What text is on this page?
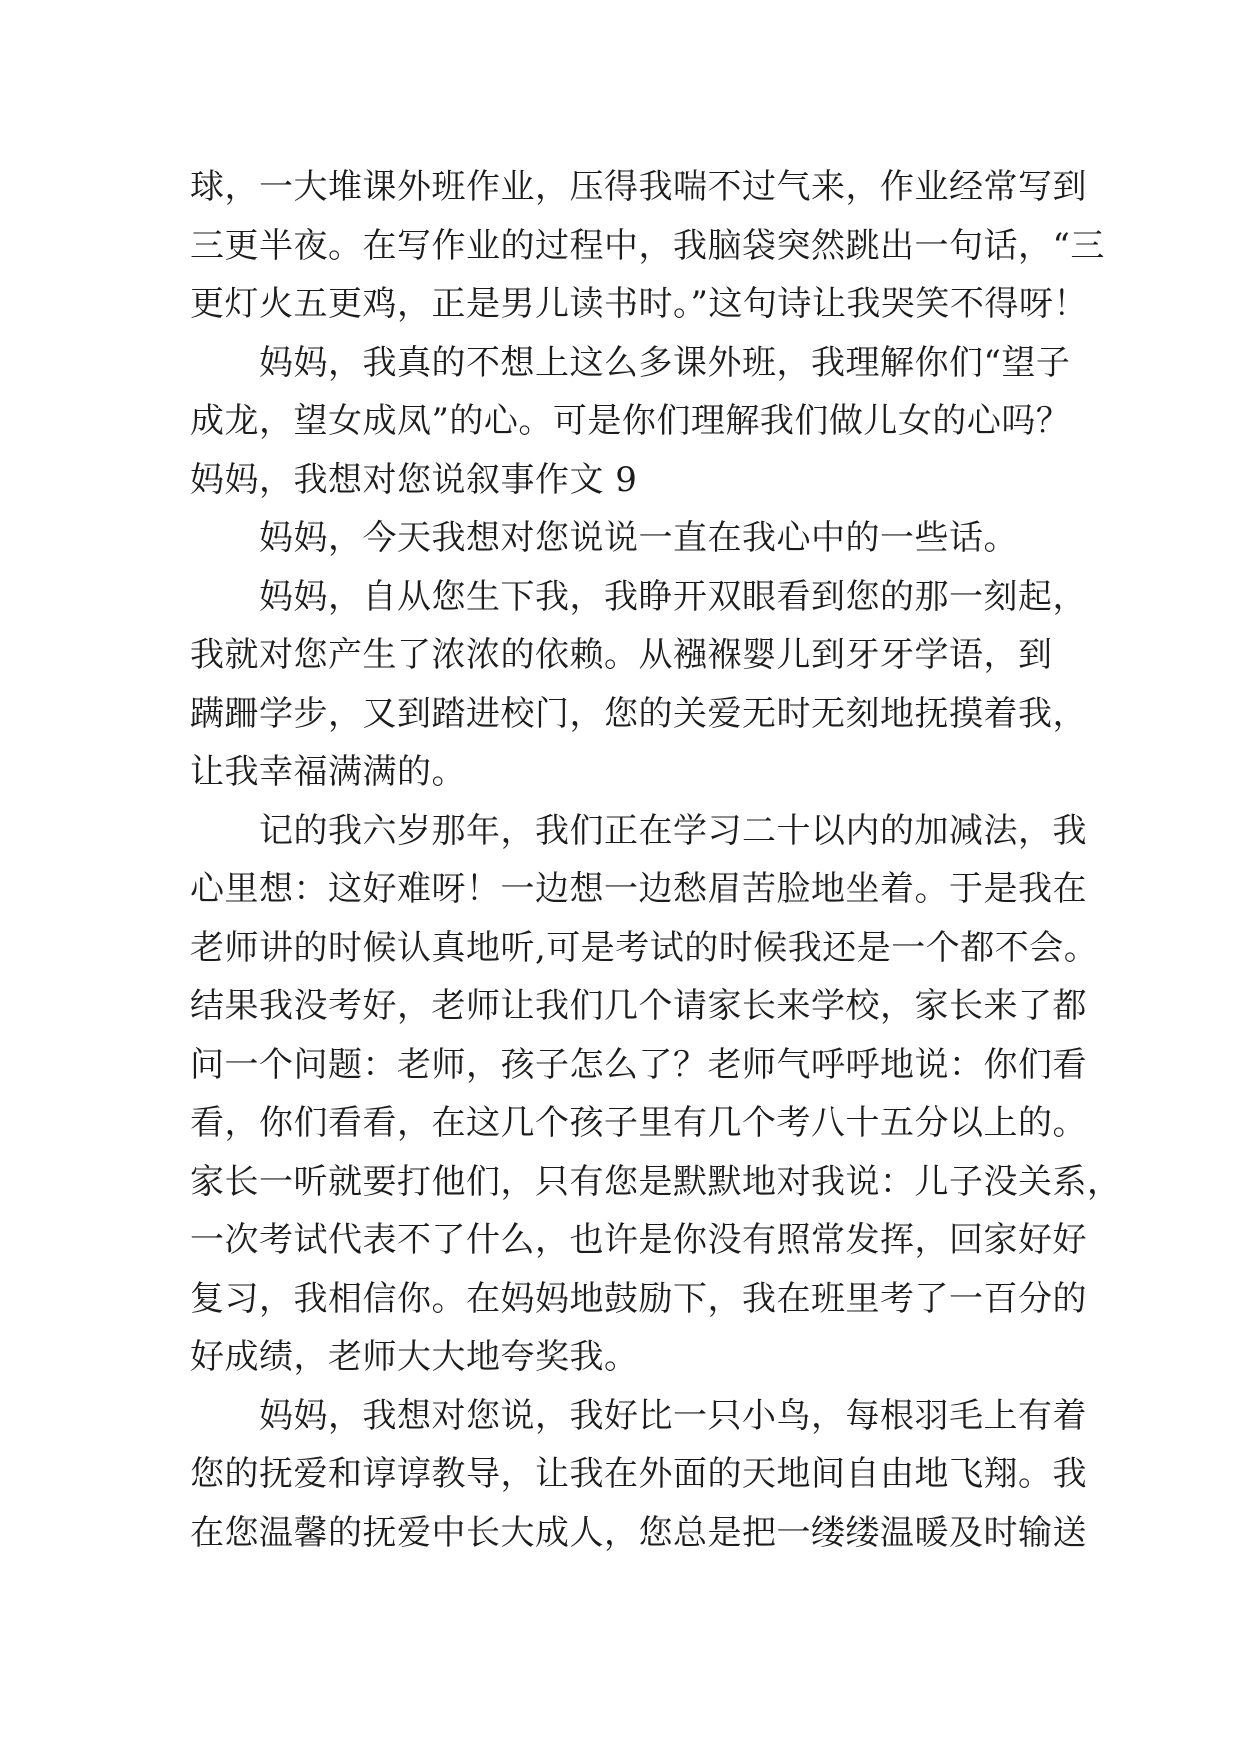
球，一大堆课外班作业，压得我喘不过气来，作业经常写到
三更半夜。在写作业的过程中，我脑袋突然跳出一句话，“三
更灯火五更鸡，正是男儿读书时。”这句诗让我哭笑不得呀！
　　妈妈，我真的不想上这么多课外班，我理解你们“望子
成龙，望女成凤”的心。可是你们理解我们做儿女的心吗？
妈妈，我想对您说叙事作文 9
　　妈妈，今天我想对您说说一直在我心中的一些话。
　　妈妈，自从您生下我，我睁开双眼看到您的那一刻起，
我就对您产生了浓浓的依赖。从襁褓婴儿到牙牙学语，到
蹒跚学步，又到踏进校门，您的关爱无时无刻地抚摸着我，
让我幸福满满的。
　　记的我六岁那年，我们正在学习二十以内的加减法，我
心里想：这好难呀！一边想一边愁眉苦脸地坐着。于是我在
老师讲的时候认真地听,可是考试的时候我还是一个都不会。
结果我没考好，老师让我们几个请家长来学校，家长来了都
问一个问题：老师，孩子怎么了？老师气呼呼地说：你们看
看，你们看看，在这几个孩子里有几个考八十五分以上的。
家长一听就要打他们，只有您是默默地对我说：儿子没关系，
一次考试代表不了什么，也许是你没有照常发挥，回家好好
复习，我相信你。在妈妈地鼓励下，我在班里考了一百分的
好成绩，老师大大地夸奖我。
　　妈妈，我想对您说，我好比一只小鸟，每根羽毛上有着
您的抚爱和谆谆教导，让我在外面的天地间自由地飞翔。我
在您温馨的抚爱中长大成人，您总是把一缕缕温暖及时输送
